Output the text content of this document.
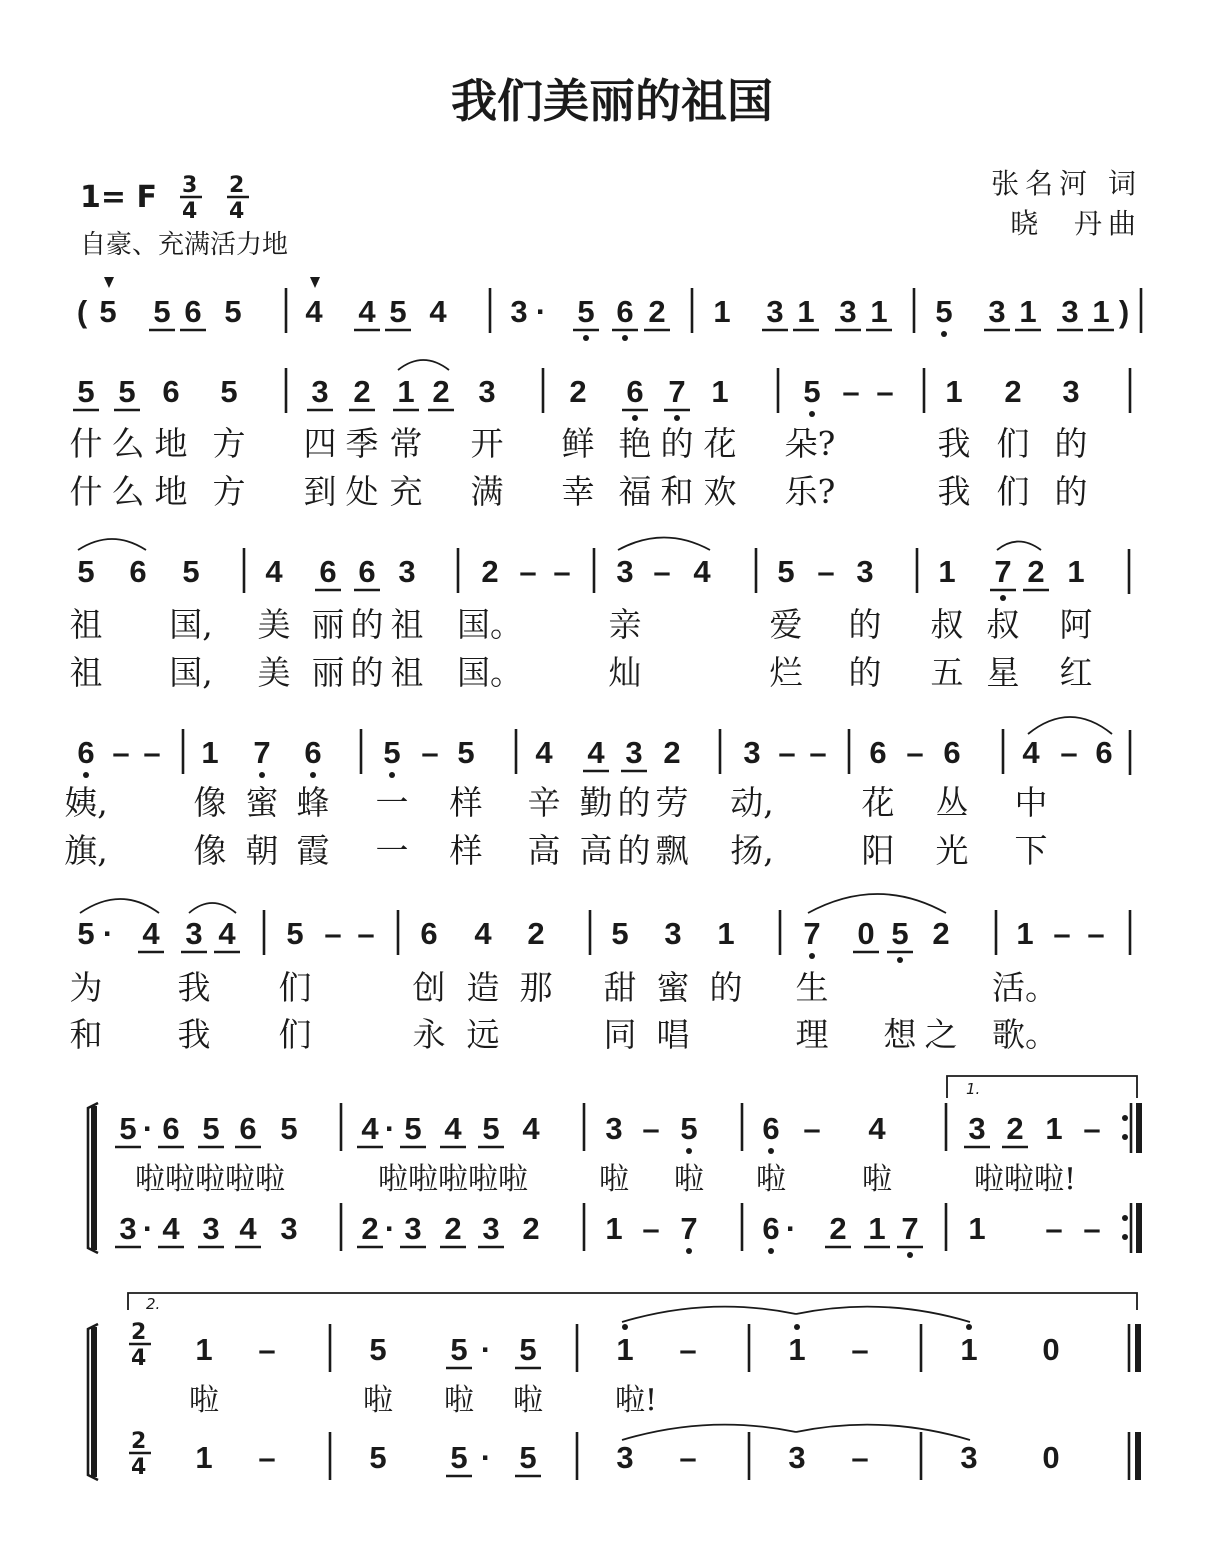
我们美丽的祖国
1= F 3
4
2
4
自豪、充满活力地
张名河 词
晓  丹曲
1.
2.
2
4
2
4
( 5 5 6 5 4 4 5 4 3 · 5 6 2 1 3 1 3 1 5 3 1 3 1 )
5 5 6 5 3 2 1 2 3 2 6 7 1 5 – – 1 2 3
什 么 地 方 四 季 常 开 鲜 艳 的 花 朵?	我 们 的
什 么 地 方 到 处 充 满 幸 福 和 欢 乐?	我 们 的
5 6 5 4 6 6 3 2 – – 3 – 4 5 – 3 1 7 2 1
祖 国, 美 丽 的 祖 国。	亲	爱 的 叔 叔 阿
祖 国, 美 丽 的 祖 国。	灿	烂 的 五 星 红
6 – – 1 7 6 5 – 5 4 4 3 2 3 – – 6 – 6 4 – 6
姨,	像 蜜 蜂 一 样 辛 勤 的 劳 动,	花 丛 中
旗,	像 朝 霞 一 样 高 高 的 飘 扬,	阳 光 下
5 · 4 3 4 5 – – 6 4 2 5 3 1 7 0 5 2 1 – –
为 我 们	创 造 那 甜 蜜 的 生	活。
和 我 们	永 远	同 唱	理 想 之 歌。
5 · 6 5 6 5 4 · 5 4 5 4 3 – 5 6 – 4	3 2 1 –
3 · 4 3 4 3 2 · 3 2 3 2 1 – 7 6 · 2 1 7 1 – –
啦啦啦啦啦	啦啦啦啦啦 啦 啦 啦	啦	啦啦啦!
1 –	5 5 · 5	1 –	1 –	1 0
1 –	5 5 · 5	3 –	3 –	3 0
啦	啦 啦 啦 啦!
